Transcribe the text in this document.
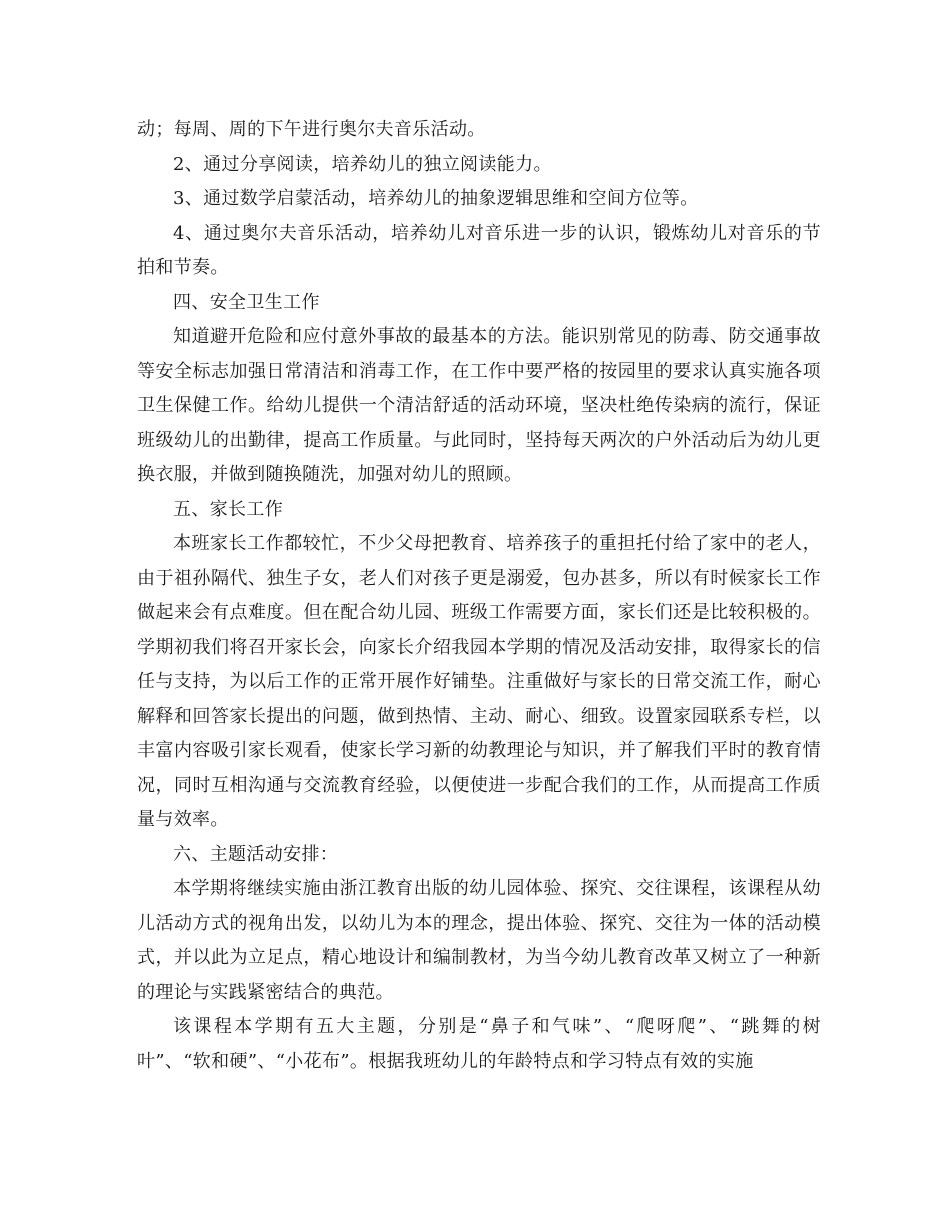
动；每周、周的下午进行奥尔夫音乐活动。

2、通过分享阅读，培养幼儿的独立阅读能力。

3、通过数学启蒙活动，培养幼儿的抽象逻辑思维和空间方位等。

4、通过奥尔夫音乐活动，培养幼儿对音乐进一步的认识，锻炼幼儿对音乐的节拍和节奏。

四、安全卫生工作

知道避开危险和应付意外事故的最基本的方法。能识别常见的防毒、防交通事故等安全标志加强日常清洁和消毒工作，在工作中要严格的按园里的要求认真实施各项卫生保健工作。给幼儿提供一个清洁舒适的活动环境，坚决杜绝传染病的流行，保证班级幼儿的出勤律，提高工作质量。与此同时，坚持每天两次的户外活动后为幼儿更换衣服，并做到随换随洗，加强对幼儿的照顾。

五、家长工作

本班家长工作都较忙，不少父母把教育、培养孩子的重担托付给了家中的老人，由于祖孙隔代、独生子女，老人们对孩子更是溺爱，包办甚多，所以有时候家长工作做起来会有点难度。但在配合幼儿园、班级工作需要方面，家长们还是比较积极的。学期初我们将召开家长会，向家长介绍我园本学期的情况及活动安排，取得家长的信任与支持，为以后工作的正常开展作好铺垫。注重做好与家长的日常交流工作，耐心解释和回答家长提出的问题，做到热情、主动、耐心、细致。设置家园联系专栏，以丰富内容吸引家长观看，使家长学习新的幼教理论与知识，并了解我们平时的教育情况，同时互相沟通与交流教育经验，以便使进一步配合我们的工作，从而提高工作质量与效率。

六、主题活动安排：

本学期将继续实施由浙江教育出版的幼儿园体验、探究、交往课程，该课程从幼儿活动方式的视角出发，以幼儿为本的理念，提出体验、探究、交往为一体的活动模式，并以此为立足点，精心地设计和编制教材，为当今幼儿教育改革又树立了一种新的理论与实践紧密结合的典范。

该课程本学期有五大主题，分别是“鼻子和气味”、“爬呀爬”、“跳舞的树叶”、“软和硬”、“小花布”。根据我班幼儿的年龄特点和学习特点有效的实施
